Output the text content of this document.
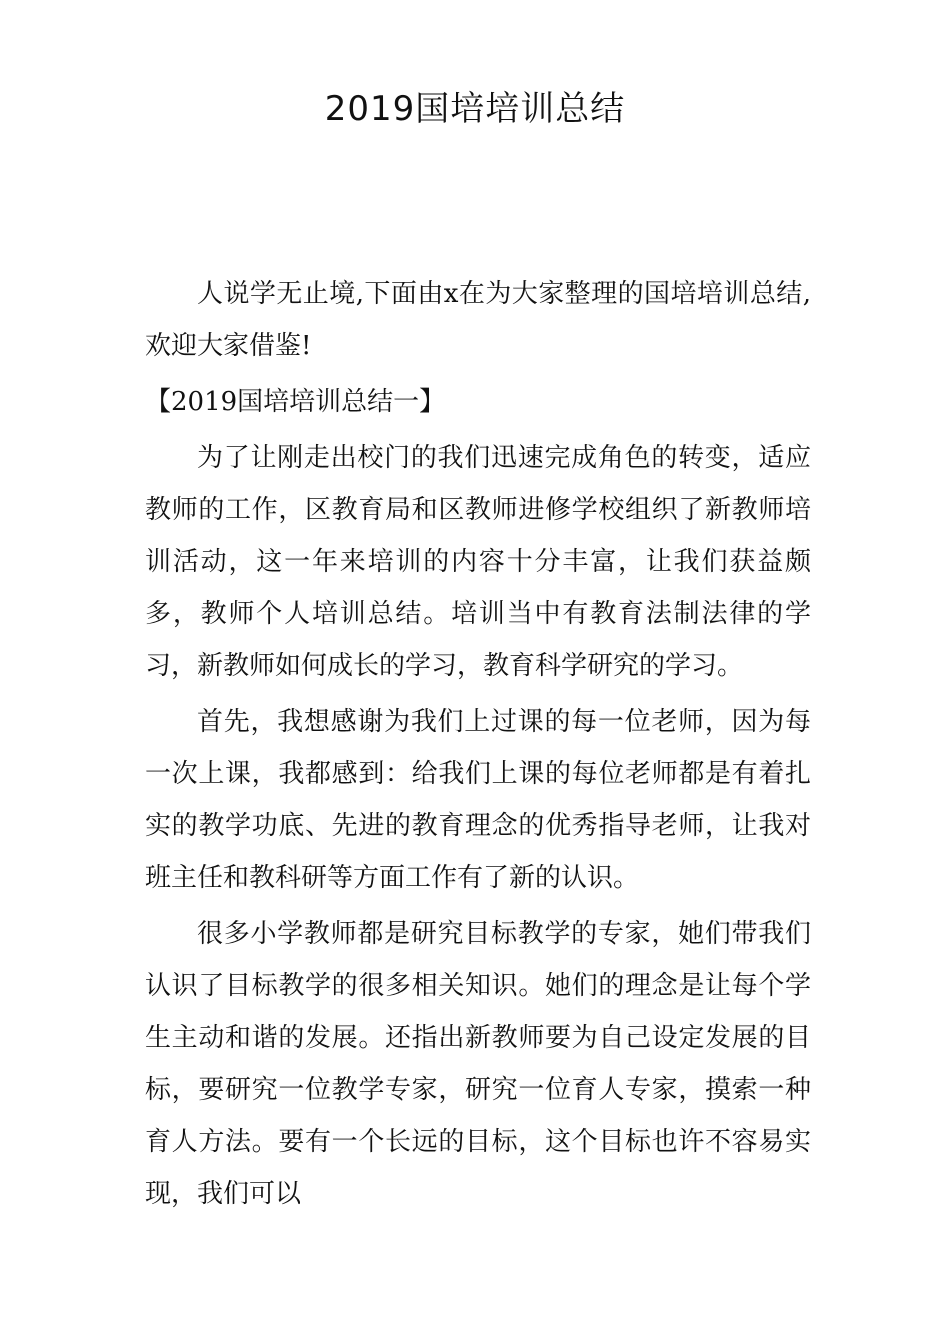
2019国培培训总结

人说学无止境,下面由x在为大家整理的国培培训总结,欢迎大家借鉴!

【2019国培培训总结一】

为了让刚走出校门的我们迅速完成角色的转变，适应教师的工作，区教育局和区教师进修学校组织了新教师培训活动，这一年来培训的内容十分丰富，让我们获益颇多，教师个人培训总结。培训当中有教育法制法律的学习，新教师如何成长的学习，教育科学研究的学习。

首先，我想感谢为我们上过课的每一位老师，因为每一次上课，我都感到：给我们上课的每位老师都是有着扎实的教学功底、先进的教育理念的优秀指导老师，让我对班主任和教科研等方面工作有了新的认识。

很多小学教师都是研究目标教学的专家，她们带我们认识了目标教学的很多相关知识。她们的理念是让每个学生主动和谐的发展。还指出新教师要为自己设定发展的目标，要研究一位教学专家，研究一位育人专家，摸索一种育人方法。要有一个长远的目标，这个目标也许不容易实现，我们可以
